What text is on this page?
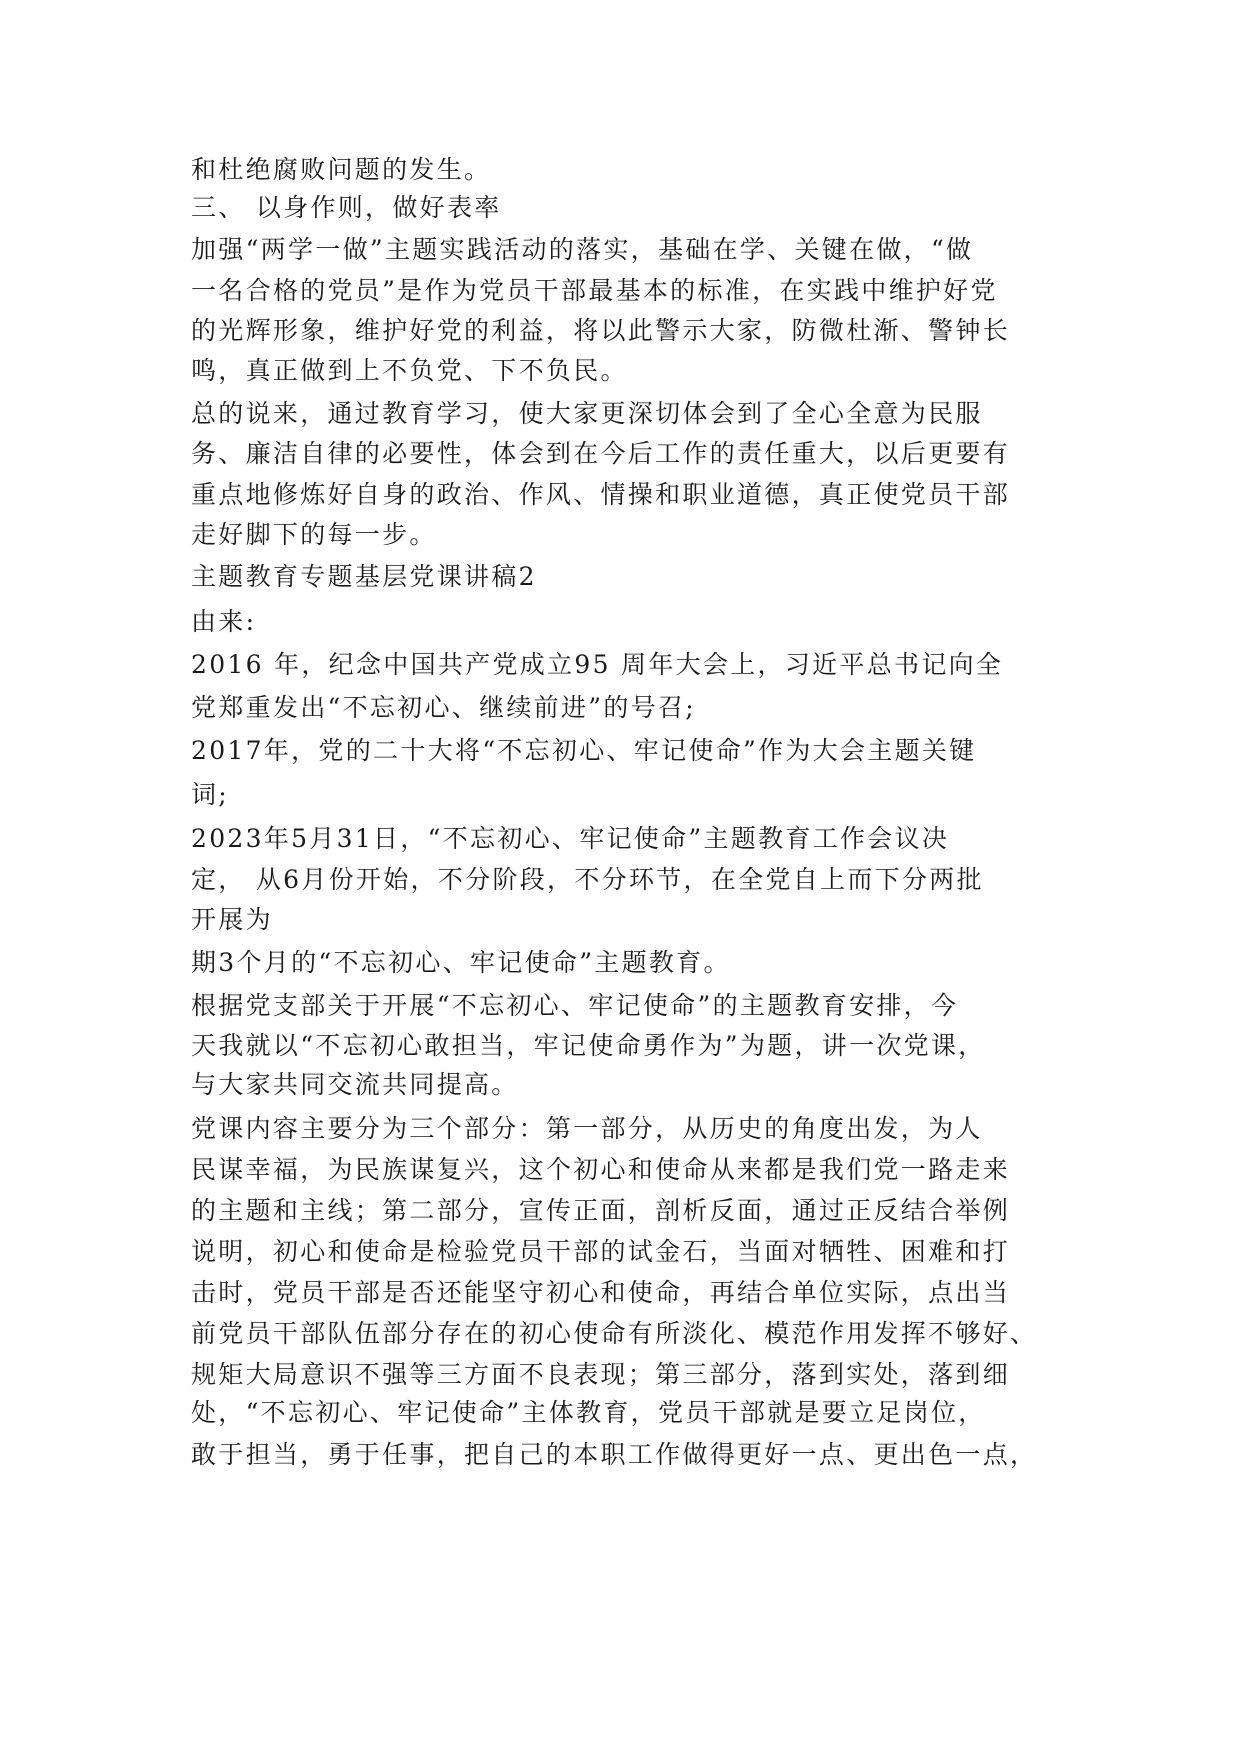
和杜绝腐败问题的发生。
三、 以身作则，做好表率
加强“两学一做”主题实践活动的落实，基础在学、关键在做，“做
一名合格的党员”是作为党员干部最基本的标准，在实践中维护好党
的光辉形象，维护好党的利益，将以此警示大家，防微杜渐、警钟长
鸣，真正做到上不负党、下不负民。
总的说来，通过教育学习，使大家更深切体会到了全心全意为民服
务、廉洁自律的必要性，体会到在今后工作的责任重大，以后更要有
重点地修炼好自身的政治、作风、情操和职业道德，真正使党员干部
走好脚下的每一步。
主题教育专题基层党课讲稿2
由来:
2016 年，纪念中国共产党成立95 周年大会上，习近平总书记向全
党郑重发出“不忘初心、继续前进”的号召;
2017年，党的二十大将“不忘初心、牢记使命”作为大会主题关键
词;
2023年5月31日，“不忘初心、牢记使命”主题教育工作会议决
定， 从6月份开始，不分阶段，不分环节，在全党自上而下分两批
开展为
期3个月的“不忘初心、牢记使命”主题教育。
根据党支部关于开展“不忘初心、牢记使命”的主题教育安排，今
天我就以“不忘初心敢担当，牢记使命勇作为”为题，讲一次党课，
与大家共同交流共同提高。
党课内容主要分为三个部分：第一部分，从历史的角度出发，为人
民谋幸福，为民族谋复兴，这个初心和使命从来都是我们党一路走来
的主题和主线；第二部分，宣传正面，剖析反面，通过正反结合举例
说明，初心和使命是检验党员干部的试金石，当面对牺牲、困难和打
击时，党员干部是否还能坚守初心和使命，再结合单位实际，点出当
前党员干部队伍部分存在的初心使命有所淡化、模范作用发挥不够好、
规矩大局意识不强等三方面不良表现；第三部分，落到实处，落到细
处，“不忘初心、牢记使命”主体教育，党员干部就是要立足岗位，
敢于担当，勇于任事，把自己的本职工作做得更好一点、更出色一点，
